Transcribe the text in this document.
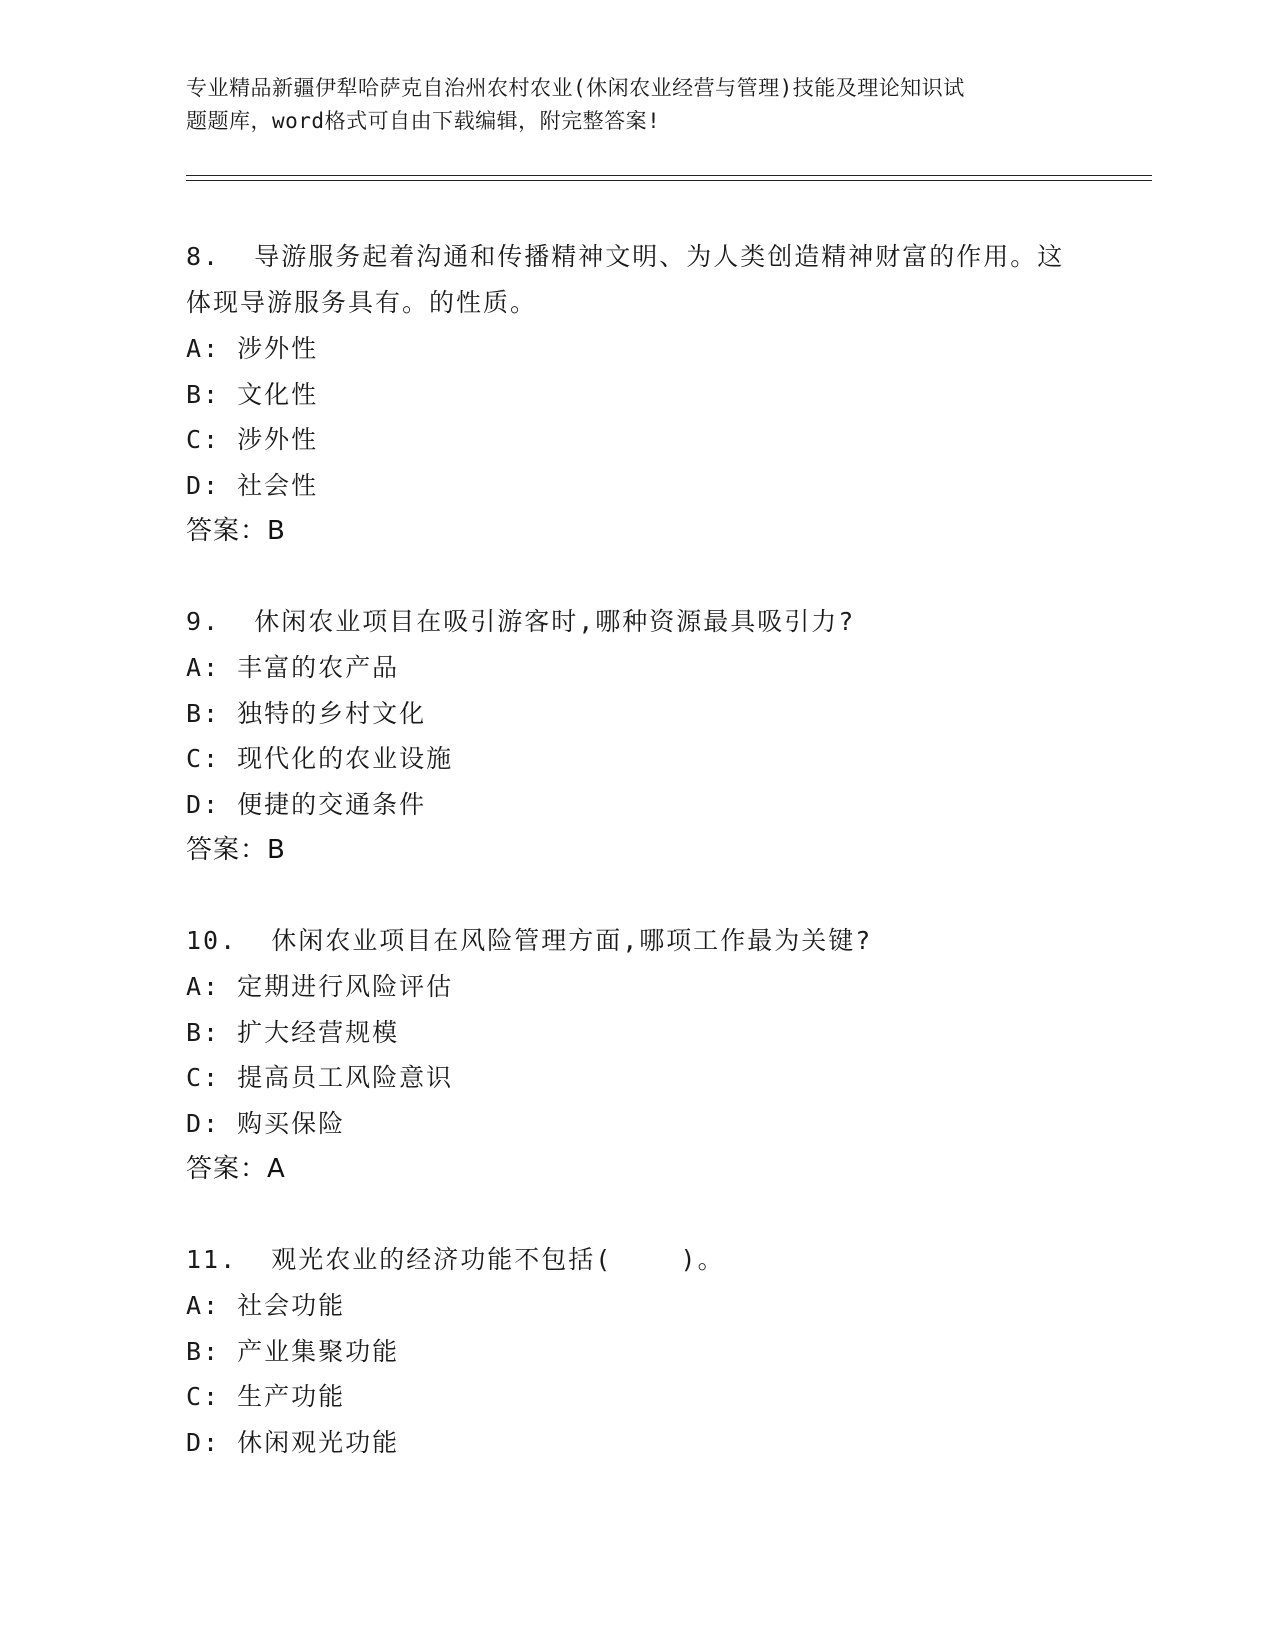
专业精品新疆伊犁哈萨克自治州农村农业(休闲农业经营与管理)技能及理论知识试
题题库，word格式可自由下载编辑，附完整答案!
8.  导游服务起着沟通和传播精神文明、为人类创造精神财富的作用。这体现导游服务具有。的性质。
A: 涉外性
B: 文化性
C: 涉外性
D: 社会性
答案：B
9.  休闲农业项目在吸引游客时,哪种资源最具吸引力?
A: 丰富的农产品
B: 独特的乡村文化
C: 现代化的农业设施
D: 便捷的交通条件
答案：B
10.  休闲农业项目在风险管理方面,哪项工作最为关键?
A: 定期进行风险评估
B: 扩大经营规模
C: 提高员工风险意识
D: 购买保险
答案：A
11.  观光农业的经济功能不包括(    )。
A: 社会功能
B: 产业集聚功能
C: 生产功能
D: 休闲观光功能
